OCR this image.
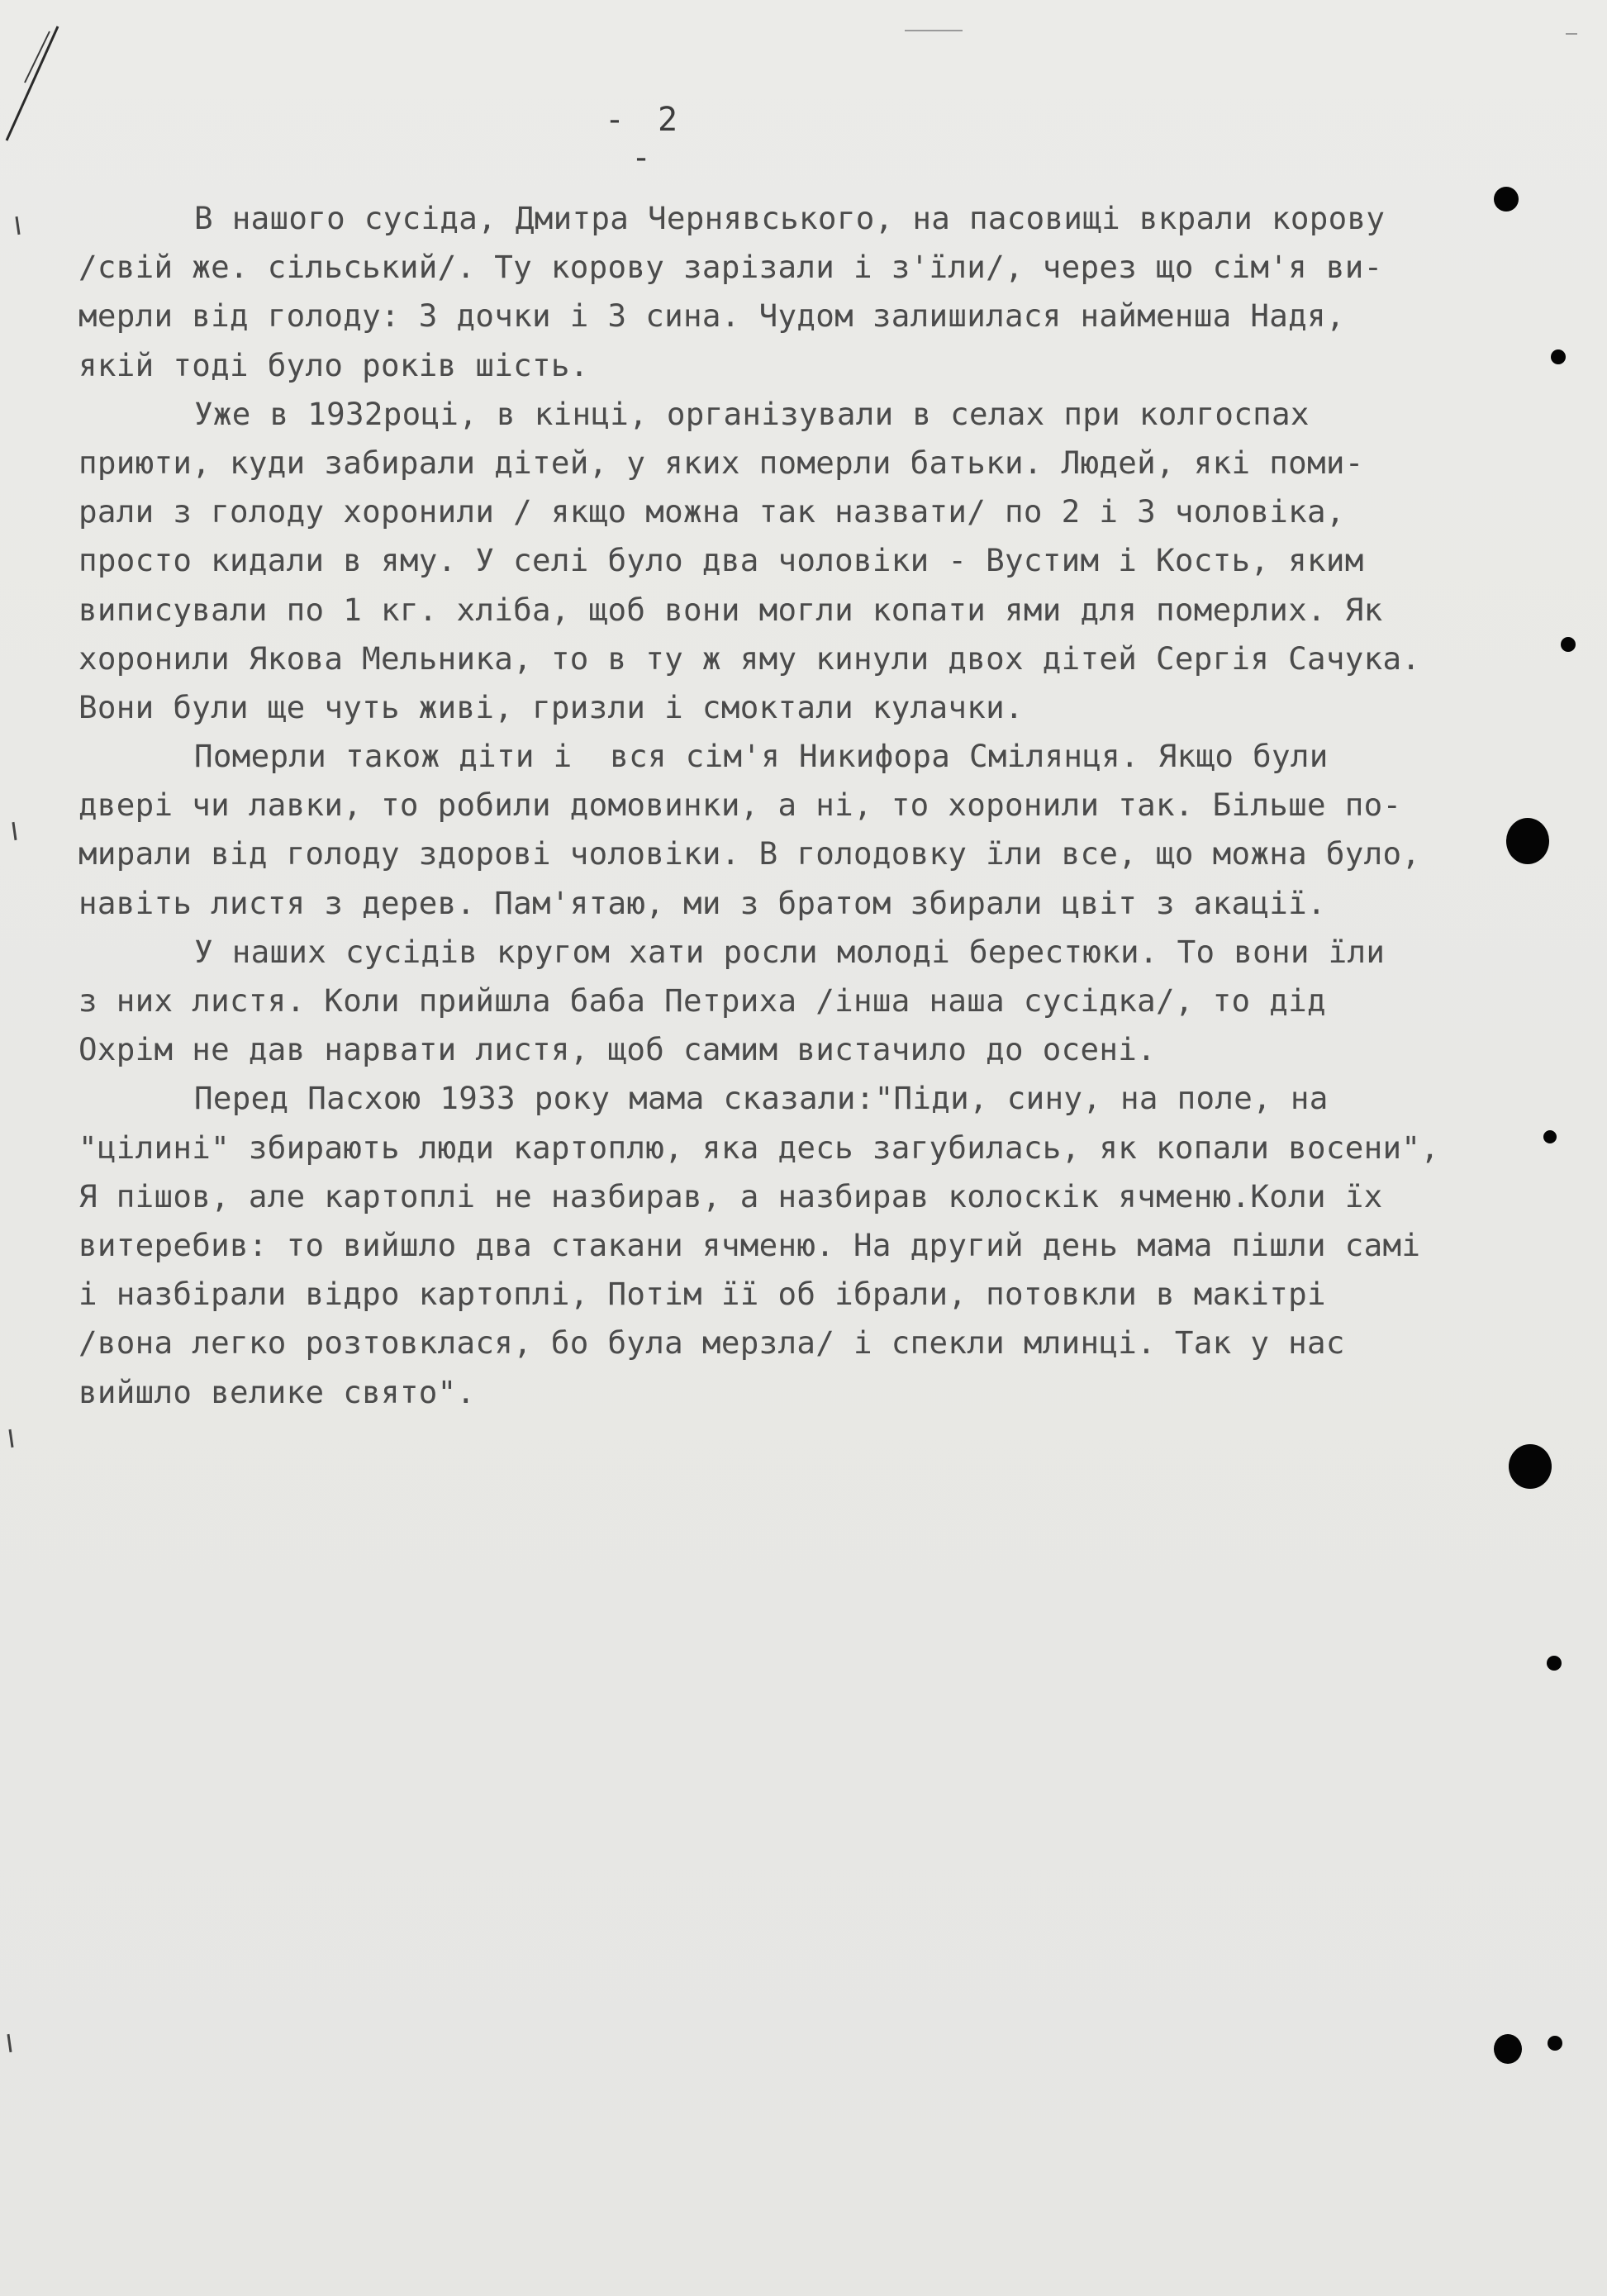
- 2 -
В нашого сусіда, Дмитра Чернявського, на пасовищі вкрали корову
/свій же. сільський/. Ту корову зарізали і з'їли/, через що сім'я ви-
мерли від голоду: 3 дочки і 3 сина. Чудом залишилася найменша Надя,
якій тоді було років шість.
Уже в 1932році, в кінці, організували в селах при колгоспах
приюти, куди забирали дітей, у яких померли батьки. Людей, які поми-
рали з голоду хоронили / якщо можна так назвати/ по 2 і 3 чоловіка,
просто кидали в яму. У селі було два чоловіки - Вустим і Кость, яким
виписували по 1 кг. хліба, щоб вони могли копати ями для померлих. Як
хоронили Якова Мельника, то в ту ж яму кинули двох дітей Сергія Сачука.
Вони були ще чуть живі, гризли і смоктали кулачки.
Померли також діти і  вся сім'я Никифора Смілянця. Якщо були
двері чи лавки, то робили домовинки, а ні, то хоронили так. Більше по-
мирали від голоду здорові чоловіки. В голодовку їли все, що можна було,
навіть листя з дерев. Пам'ятаю, ми з братом збирали цвіт з акації.
У наших сусідів кругом хати росли молоді берестюки. То вони їли
з них листя. Коли прийшла баба Петриха /інша наша сусідка/, то дід
Охрім не дав нарвати листя, щоб самим вистачило до осені.
Перед Пасхою 1933 року мама сказали:"Піди, сину, на поле, на
"цілині" збирають люди картоплю, яка десь загубилась, як копали восени",
Я пішов, але картоплі не назбирав, а назбирав колоскік ячменю.Коли їх
витеребив: то вийшло два стакани ячменю. На другий день мама пішли самі
і назбірали відро картоплі, Потім її об ібрали, потовкли в макітрі
/вона легко розтовклася, бо була мерзла/ і спекли млинці. Так у нас
вийшло велике свято".
